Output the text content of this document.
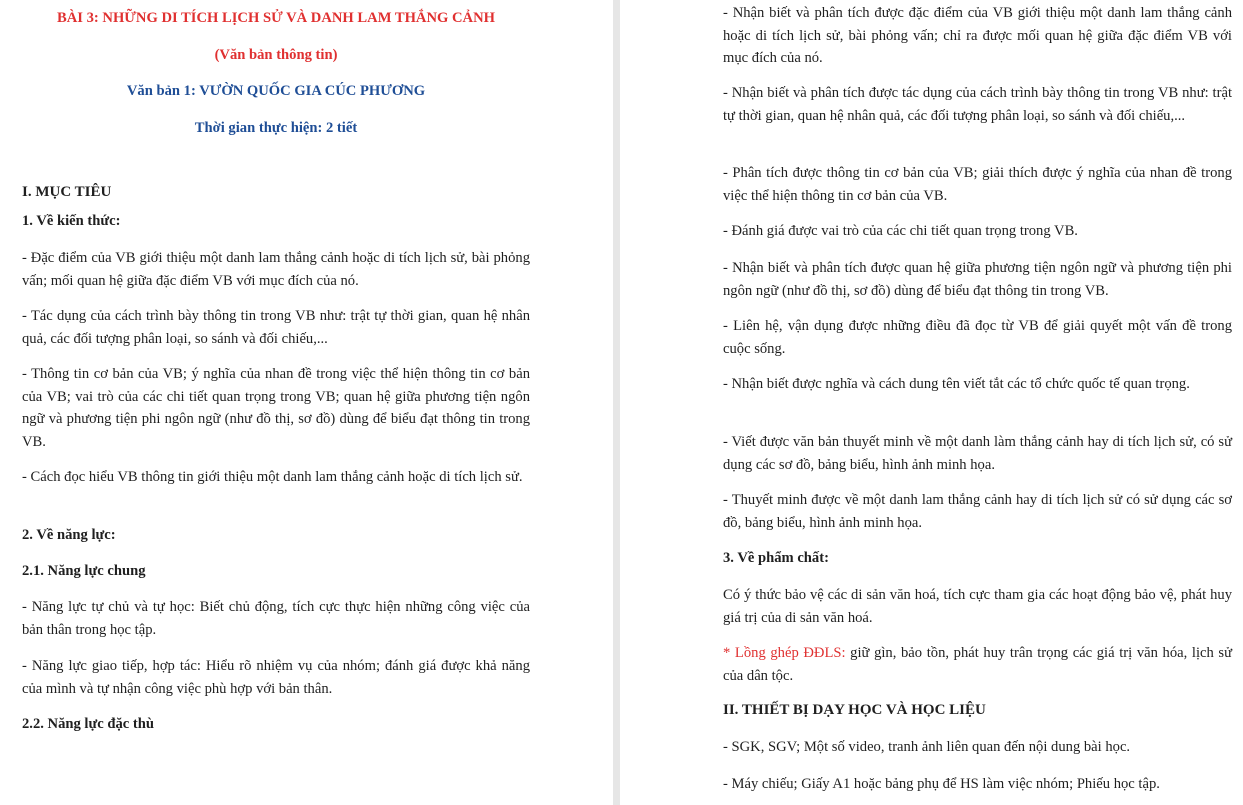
BÀI 3: NHỮNG DI TÍCH LỊCH SỬ VÀ DANH LAM THẮNG CẢNH

(Văn bản thông tin)

Văn bản 1: VƯỜN QUỐC GIA CÚC PHƯƠNG

Thời gian thực hiện: 2 tiết

I. MỤC TIÊU

1. Về kiến thức:

- Đặc điểm của VB giới thiệu một danh lam thắng cảnh hoặc di tích lịch sử, bài phỏng vấn; mối quan hệ giữa đặc điểm VB với mục đích của nó.

- Tác dụng của cách trình bày thông tin trong VB như: trật tự thời gian, quan hệ nhân quả, các đối tượng phân loại, so sánh và đối chiếu,...

- Thông tin cơ bản của VB; ý nghĩa của nhan đề trong việc thể hiện thông tin cơ bản của VB; vai trò của các chi tiết quan trọng trong VB; quan hệ giữa phương tiện ngôn ngữ và phương tiện phi ngôn ngữ (như đồ thị, sơ đồ) dùng để biểu đạt thông tin trong VB.

- Cách đọc hiểu VB thông tin giới thiệu một danh lam thắng cảnh hoặc di tích lịch sử.

2. Về năng lực:

2.1. Năng lực chung

- Năng lực tự chủ và tự học: Biết chủ động, tích cực thực hiện những công việc của bản thân trong học tập.

- Năng lực giao tiếp, hợp tác: Hiểu rõ nhiệm vụ của nhóm; đánh giá được khả năng của mình và tự nhận công việc phù hợp với bản thân.

2.2. Năng lực đặc thù

- Nhận biết và phân tích được đặc điểm của VB giới thiệu một danh lam thắng cảnh hoặc di tích lịch sử, bài phỏng vấn; chỉ ra được mối quan hệ giữa đặc điểm VB với mục đích của nó.

- Nhận biết và phân tích được tác dụng của cách trình bày thông tin trong VB như: trật tự thời gian, quan hệ nhân quả, các đối tượng phân loại, so sánh và đối chiếu,...

- Phân tích được thông tin cơ bản của VB; giải thích được ý nghĩa của nhan đề trong việc thể hiện thông tin cơ bản của VB.

- Đánh giá được vai trò của các chi tiết quan trọng trong VB.

- Nhận biết và phân tích được quan hệ giữa phương tiện ngôn ngữ và phương tiện phi ngôn ngữ (như đồ thị, sơ đồ) dùng để biểu đạt thông tin trong VB.

- Liên hệ, vận dụng được những điều đã đọc từ VB để giải quyết một vấn đề trong cuộc sống.

- Nhận biết được nghĩa và cách dung tên viết tắt các tổ chức quốc tế quan trọng.

- Viết được văn bản thuyết minh về một danh làm thắng cảnh hay di tích lịch sử, có sử dụng các sơ đồ, bảng biểu, hình ảnh minh họa.

- Thuyết minh được về một danh lam thắng cảnh hay di tích lịch sử có sử dụng các sơ đồ, bảng biểu, hình ảnh minh họa.

3. Về phẩm chất:

Có ý thức bảo vệ các di sản văn hoá, tích cực tham gia các hoạt động bảo vệ, phát huy giá trị của di sản văn hoá.

* Lồng ghép ĐĐLS: giữ gìn, bảo tồn, phát huy trân trọng các giá trị văn hóa, lịch sử của dân tộc.

II. THIẾT BỊ DẠY HỌC VÀ HỌC LIỆU

- SGK, SGV; Một số video, tranh ảnh liên quan đến nội dung bài học.

- Máy chiếu; Giấy A1 hoặc bảng phụ để HS làm việc nhóm; Phiếu học tập.
